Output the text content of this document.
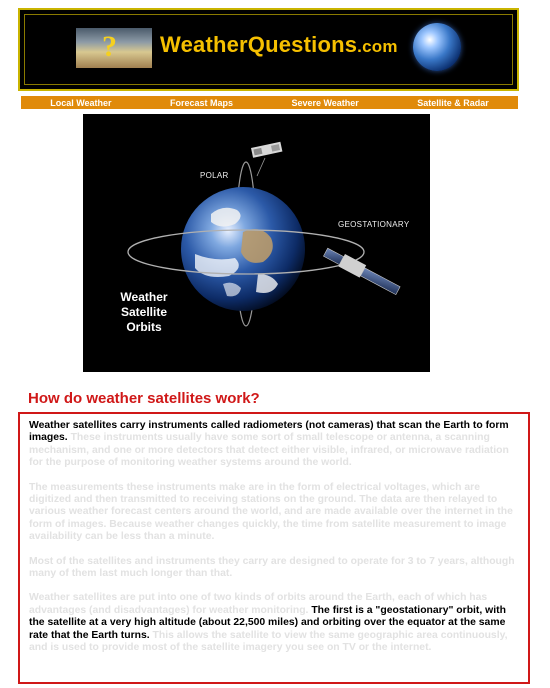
? WeatherQuestions.com
Local Weather	Forecast Maps	Severe Weather	Satellite & Radar
POLAR
GEOSTATIONARY
Weather
Satellite
Orbits
How do weather satellites work?

Weather satellites carry instruments called radiometers (not cameras) that scan the Earth to form images. These instruments usually have some sort of small telescope or antenna, a scanning mechanism, and one or more detectors that detect either visible, infrared, or microwave radiation for the purpose of monitoring weather systems around the world.

The measurements these instruments make are in the form of electrical voltages, which are digitized and then transmitted to receiving stations on the ground. The data are then relayed to various weather forecast centers around the world, and are made available over the internet in the form of images. Because weather changes quickly, the time from satellite measurement to image availability can be less than a minute.

Most of the satellites and instruments they carry are designed to operate for 3 to 7 years, although many of them last much longer than that.

Weather satellites are put into one of two kinds of orbits around the Earth, each of which has advantages (and disadvantages) for weather monitoring. The first is a "geostationary" orbit, with the satellite at a very high altitude (about 22,500 miles) and orbiting over the equator at the same rate that the Earth turns. This allows the satellite to view the same geographic area continuously, and is used to provide most of the satellite imagery you see on TV or the internet.
